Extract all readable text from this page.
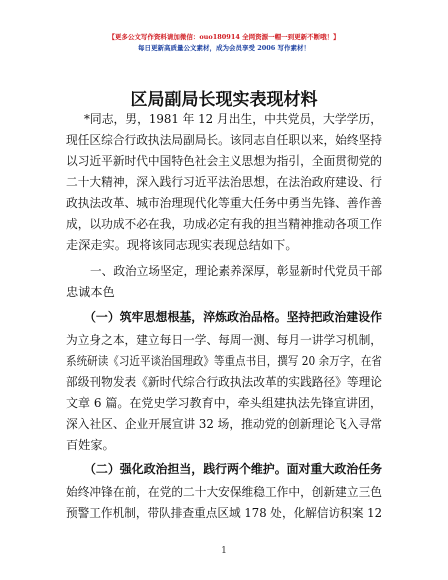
【更多公文写作资料请加微信：ouo180914 全网资源一帽一到更新不断哦！】
每日更新高质量公文素材，成为会员享受 2006 写作素材！
区局副局长现实表现材料
*同志，男，1981 年 12 月出生，中共党员，大学学历，
现任区综合行政执法局副局长。该同志自任职以来，始终坚持
以习近平新时代中国特色社会主义思想为指引，全面贯彻党的
二十大精神，深入践行习近平法治思想，在法治政府建设、行
政执法改革、城市治理现代化等重大任务中勇当先锋、善作善
成，以功成不必在我，功成必定有我的担当精神推动各项工作
走深走实。现将该同志现实表现总结如下。
一、政治立场坚定，理论素养深厚，彰显新时代党员干部
忠诚本色
（一）筑牢思想根基，淬炼政治品格。坚持把政治建设作
为立身之本，建立每日一学、每周一测、每月一讲学习机制，
系统研读《习近平谈治国理政》等重点书目，撰写 20 余万字，在省
部级刊物发表《新时代综合行政执法改革的实践路径》等理论
文章 6 篇。在党史学习教育中，牵头组建执法先锋宣讲团，
深入社区、企业开展宣讲 32 场，推动党的创新理论飞入寻常
百姓家。
（二）强化政治担当，践行两个维护。面对重大政治任务
始终冲锋在前，在党的二十大安保维稳工作中，创新建立三色
预警工作机制，带队排查重点区域 178 处，化解信访积案 12
1
